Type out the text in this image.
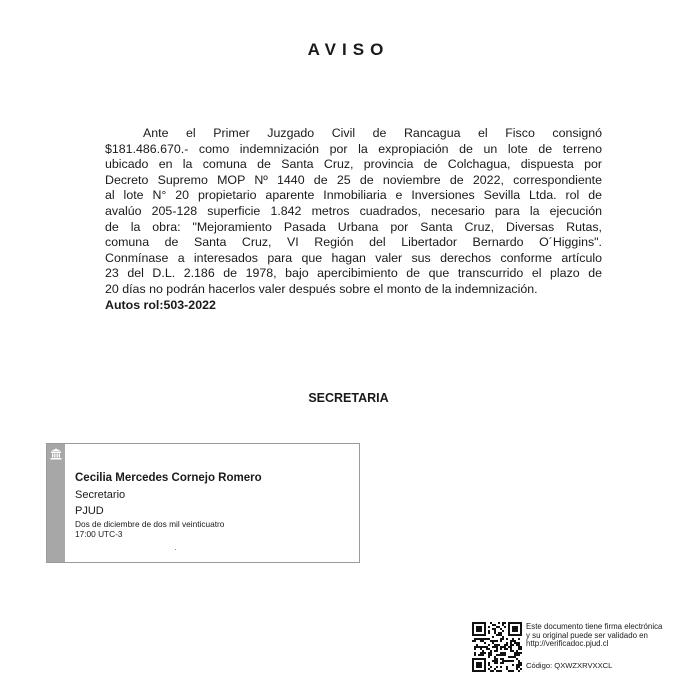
AVISO
Ante el Primer Juzgado Civil de Rancagua el Fisco consignó
$181.486.670.- como indemnización por la expropiación de un lote de terreno
ubicado en la comuna de Santa Cruz, provincia de Colchagua, dispuesta por
Decreto Supremo MOP Nº 1440 de 25 de noviembre de 2022, correspondiente
al lote N° 20 propietario aparente Inmobiliaria e Inversiones Sevilla Ltda. rol de
avalúo 205-128 superficie 1.842 metros cuadrados, necesario para la ejecución
de la obra: "Mejoramiento Pasada Urbana por Santa Cruz, Diversas Rutas,
comuna de Santa Cruz, VI Región del Libertador Bernardo O´Higgins".
Conmínase a interesados para que hagan valer sus derechos conforme artículo
23 del D.L. 2.186 de 1978, bajo apercibimiento de que transcurrido el plazo de
20 días no podrán hacerlos valer después sobre el monto de la indemnización.
Autos rol:503-2022
SECRETARIA
Cecilia Mercedes Cornejo Romero
Secretario
PJUD
Dos de diciembre de dos mil veinticuatro
17:00 UTC-3
Este documento tiene firma electrónica
y su original puede ser validado en
http://verificadoc.pjud.cl
Código: QXWZXRVXXCL
